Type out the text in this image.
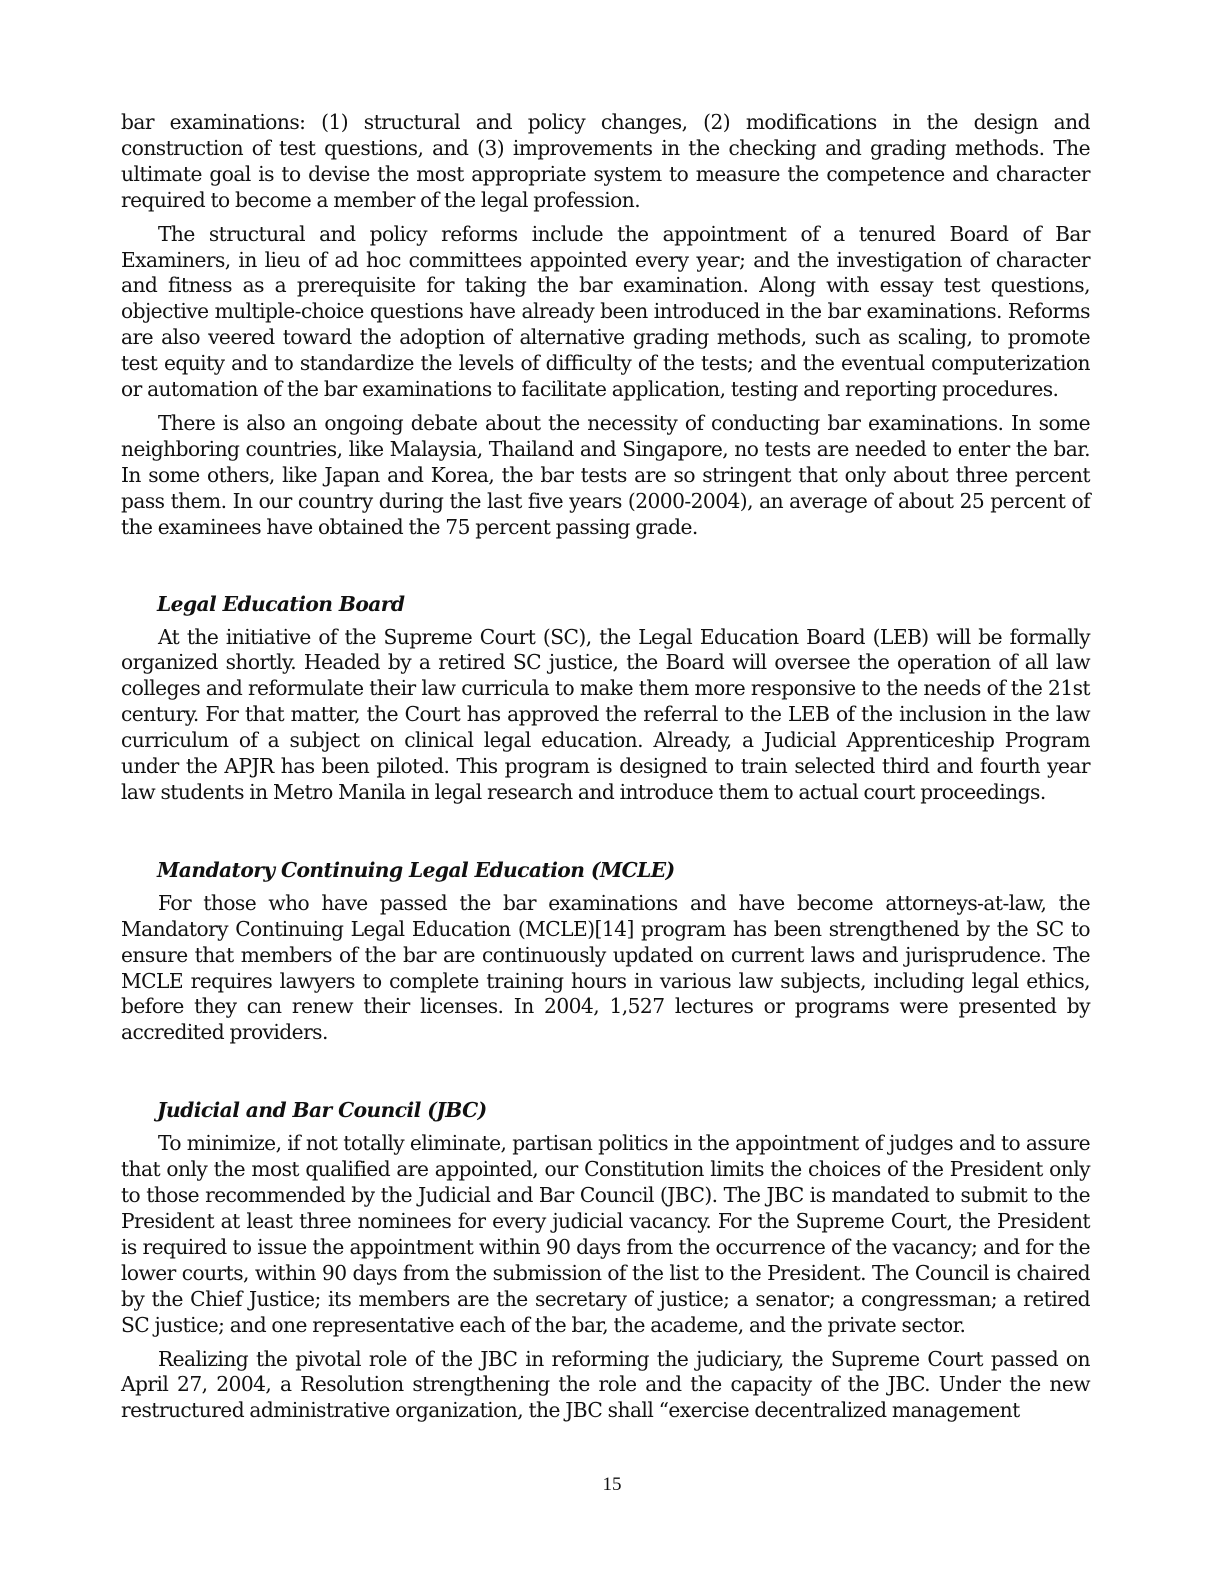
bar examinations: (1) structural and policy changes, (2) modifications in the design and construction of test questions, and (3) improvements in the checking and grading methods. The ultimate goal is to devise the most appropriate system to measure the competence and character required to become a member of the legal profession.

The structural and policy reforms include the appointment of a tenured Board of Bar Examiners, in lieu of ad hoc committees appointed every year; and the investigation of character and fitness as a prerequisite for taking the bar examination. Along with essay test questions, objective multiple-choice questions have already been introduced in the bar examinations. Reforms are also veered toward the adoption of alternative grading methods, such as scaling, to promote test equity and to standardize the levels of difficulty of the tests; and the eventual computerization or automation of the bar examinations to facilitate application, testing and reporting procedures.

There is also an ongoing debate about the necessity of conducting bar examinations. In some neighboring countries, like Malaysia, Thailand and Singapore, no tests are needed to enter the bar. In some others, like Japan and Korea, the bar tests are so stringent that only about three percent pass them. In our country during the last five years (2000-2004), an average of about 25 percent of the examinees have obtained the 75 percent passing grade.

Legal Education Board

At the initiative of the Supreme Court (SC), the Legal Education Board (LEB) will be formally organized shortly. Headed by a retired SC justice, the Board will oversee the operation of all law colleges and reformulate their law curricula to make them more responsive to the needs of the 21st century. For that matter, the Court has approved the referral to the LEB of the inclusion in the law curriculum of a subject on clinical legal education. Already, a Judicial Apprenticeship Program under the APJR has been piloted. This program is designed to train selected third and fourth year law students in Metro Manila in legal research and introduce them to actual court proceedings.

Mandatory Continuing Legal Education (MCLE)

For those who have passed the bar examinations and have become attorneys-at-law, the Mandatory Continuing Legal Education (MCLE)[14] program has been strengthened by the SC to ensure that members of the bar are continuously updated on current laws and jurisprudence. The MCLE requires lawyers to complete training hours in various law subjects, including legal ethics, before they can renew their licenses. In 2004, 1,527 lectures or programs were presented by accredited providers.

Judicial and Bar Council (JBC)

To minimize, if not totally eliminate, partisan politics in the appointment of judges and to assure that only the most qualified are appointed, our Constitution limits the choices of the President only to those recommended by the Judicial and Bar Council (JBC). The JBC is mandated to submit to the President at least three nominees for every judicial vacancy. For the Supreme Court, the President is required to issue the appointment within 90 days from the occurrence of the vacancy; and for the lower courts, within 90 days from the submission of the list to the President. The Council is chaired by the Chief Justice; its members are the secretary of justice; a senator; a congressman; a retired SC justice; and one representative each of the bar, the academe, and the private sector.

Realizing the pivotal role of the JBC in reforming the judiciary, the Supreme Court passed on April 27, 2004, a Resolution strengthening the role and the capacity of the JBC. Under the new restructured administrative organization, the JBC shall “exercise decentralized management

15
